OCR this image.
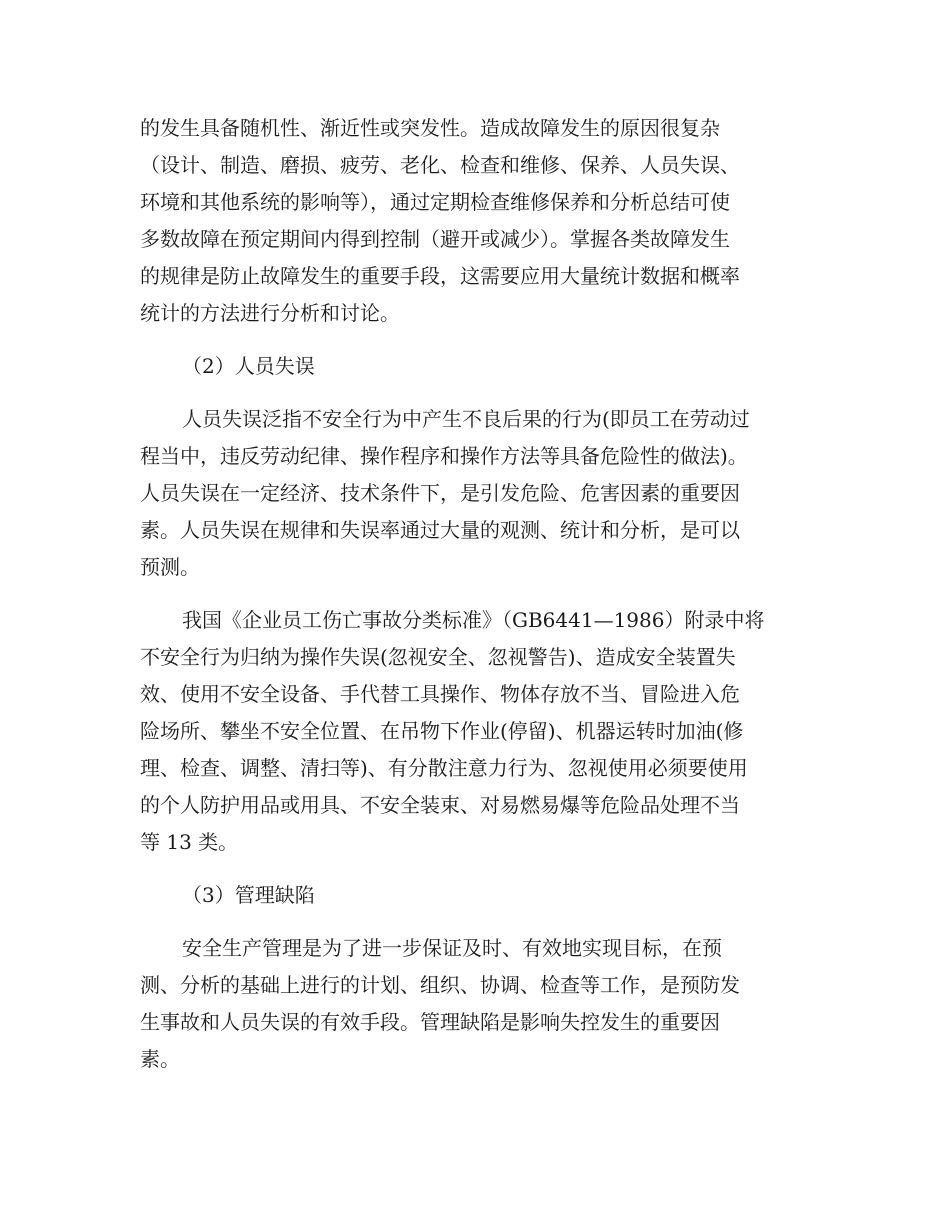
的发生具备随机性、渐近性或突发性。造成故障发生的原因很复杂
（设计、制造、磨损、疲劳、老化、检查和维修、保养、人员失误、
环境和其他系统的影响等），通过定期检查维修保养和分析总结可使
多数故障在预定期间内得到控制（避开或减少）。掌握各类故障发生
的规律是防止故障发生的重要手段，这需要应用大量统计数据和概率
统计的方法进行分析和讨论。
（2）人员失误
人员失误泛指不安全行为中产生不良后果的行为(即员工在劳动过
程当中，违反劳动纪律、操作程序和操作方法等具备危险性的做法)。
人员失误在一定经济、技术条件下，是引发危险、危害因素的重要因
素。人员失误在规律和失误率通过大量的观测、统计和分析，是可以
预测。
我国《企业员工伤亡事故分类标准》（GB6441—1986）附录中将
不安全行为归纳为操作失误(忽视安全、忽视警告)、造成安全装置失
效、使用不安全设备、手代替工具操作、物体存放不当、冒险进入危
险场所、攀坐不安全位置、在吊物下作业(停留)、机器运转时加油(修
理、检查、调整、清扫等)、有分散注意力行为、忽视使用必须要使用
的个人防护用品或用具、不安全装束、对易燃易爆等危险品处理不当
等 13 类。
（3）管理缺陷
安全生产管理是为了进一步保证及时、有效地实现目标，在预
测、分析的基础上进行的计划、组织、协调、检查等工作，是预防发
生事故和人员失误的有效手段。管理缺陷是影响失控发生的重要因
素。
